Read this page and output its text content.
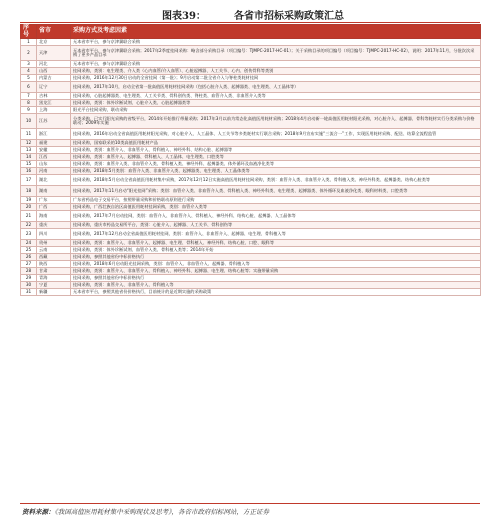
图表39：	各省市招标采购政策汇总
序号	省市	采购方式及考虑因素
1	北京	无本省市平台，参与京津冀联合采购

2	天津	无本省市平台，参与京津冀联合采购；2017年2季度挂网采购：略含部分采购目录（项目编号：TJMPC-2017-HC-01）；关于采购目录的项目编号（项目编号：TJMPC-2017-HC-02），说明：2017年11月，分批次次采购了更多产品目录

3	河北	无本省市平台，参与京津冀联合采购

4	山西	挂网采购，类别：电生理类、介入类（心内血管/介入血管）、心脏起搏器、人工关节、心内、创伤骨科等类别

5	内蒙古	挂网采购，2016年12月30日启动的全省挂网（第一批）；9月启动第二批全省介入与脊柱类耗材挂网

6	辽宁	挂网采购，2017年10月，启动全省第一批高值医用耗材挂网采购（包括心脏介入类、起搏器类、电生理类、人工晶体等）

7	吉林	挂网采购，心脏起搏器类、电生理类、人工关节类、骨科创伤类、脊柱类、血管介入类、非血管介入类等

8	黑龙江	挂网采购，类别：体外诊断试剂、心脏介入类、心脏起搏器类等

9	上海	阳光平台挂网采购，联动采购

10	江苏	分类采购，已实行阳光采购的省级平台，2014年开始推行带量采购；2017年3月以前为常态化高值医用耗材采购；2018年4月启动新一轮高值医用耗材阳光采购，对心脏介入、起搏器、骨科等耗材实行分类采购与价格联动；2009年实施

11	浙江	挂网采购，2016年启动全省高值医用耗材阳光采购，对心脏介入、人工晶体、人工关节等多类耗材实行联合采购；2018年9月宣布实施“三流合一”工作，实现医用耗材采购、配送、结算全流程监管

12	福建	挂网采购，国家联采的10类高值医用耗材产品

13	安徽	挂网采购，类别：血管介入、非血管介入、骨科植入、神经外科、结构心脏、起搏器等

14	江西	挂网采购，类别：血管介入、起搏器、骨科植入、人工晶体、电生理类、口腔类等

15	山东	挂网采购，类别：血管介入类、非血管介入类、骨科植入类、神经外科、起搏器类、体外循环及血液净化类等

16	河南	挂网采购，2018年5月类别：血管介入类、非血管介入类、起搏器类、电生理类、人工晶体类等

17	湖北	挂网采购，2018年5月启动全省高值医用耗材集中采购，2017年12月12日实施高值医用耗材挂网采购，类别：血管介入类、非血管介入类、骨科植入类、神经外科类、起搏器类、结构心脏类等

18	湖南	挂网采购，2017年11月启动“阳光挂网”采购；类别：血管介入类、非血管介入类、骨科植入类、神经外科类、电生理类、起搏器类、体外循环及血液净化类、眼科材料类、口腔类等

19	广东	广东省药品电子交易平台，按照带量采购和价格联动原则进行采购

20	广西	挂网采购，广西壮族自治区高值医用耗材挂网采购，类别：血管介入类等

21	海南	挂网采购，2017年7月启动挂网，类别：血管介入、非血管介入、骨科植入、神经外科、结构心脏、起搏器、人工晶体等

22	重庆	挂网采购，重庆市药品交易所平台，类别：心脏介入、起搏器、人工关节、骨科创伤等

23	四川	挂网采购，2017年12月启动全省高值医用耗材挂网，类别：血管介入、非血管介入、起搏器、电生理、骨科植入等

24	贵州	挂网采购，类别：血管介入、非血管介入、起搏器、电生理、骨科植入、神经外科、结构心脏、口腔、眼科等

25	云南	挂网采购，类别：体外诊断试剂、血管介入类、骨科植入类等；2014年开始

26	西藏	挂网采购，参照其他省份中标价格执行

27	陕西	挂网采购，2018年6月启动阳光挂网采购，类别：血管介入、非血管介入、起搏器、骨科植入等

28	甘肃	挂网采购，类别：血管介入、非血管介入、骨科植入、神经外科、起搏器、电生理、结构心脏等；实施带量采购

29	青海	挂网采购，参照其他省份中标价格执行

30	宁夏	挂网采购，类别：血管介入、非血管介入、骨科植入等

31	新疆	无本省市平台，参照其他省份价格执行，目前统计的是近期实施的采购政策
资料来源：《我国高值医用耗材集中采购现状及思考》，各省市政府招标网站，方正证券
